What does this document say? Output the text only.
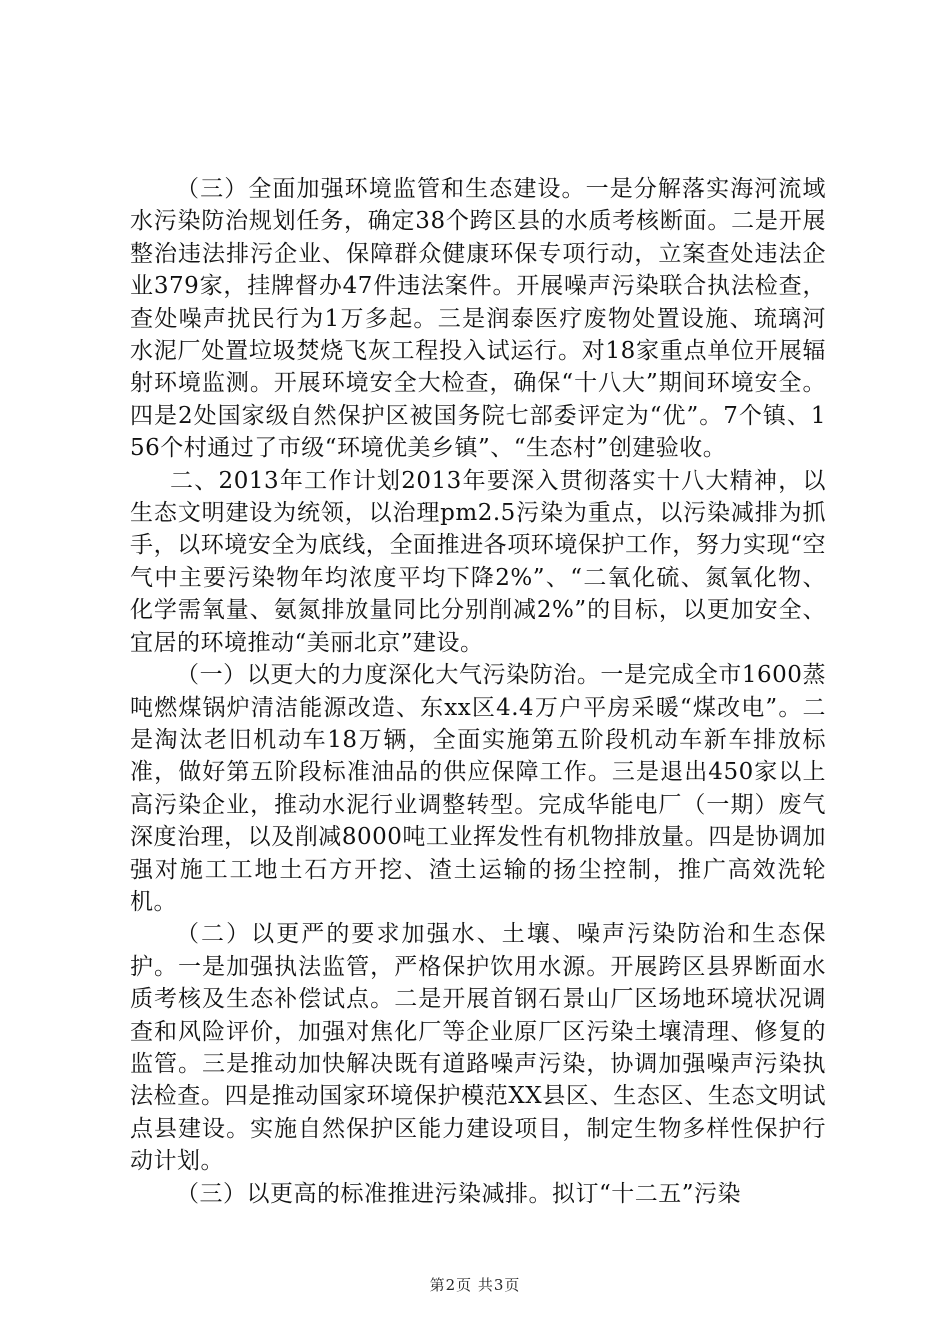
（三）全面加强环境监管和生态建设。一是分解落实海河流域水污染防治规划任务，确定38个跨区县的水质考核断面。二是开展整治违法排污企业、保障群众健康环保专项行动，立案查处违法企业379家，挂牌督办47件违法案件。开展噪声污染联合执法检查，查处噪声扰民行为1万多起。三是润泰医疗废物处置设施、琉璃河水泥厂处置垃圾焚烧飞灰工程投入试运行。对18家重点单位开展辐射环境监测。开展环境安全大检查，确保“十八大”期间环境安全。四是2处国家级自然保护区被国务院七部委评定为“优”。7个镇、156个村通过了市级“环境优美乡镇”、“生态村”创建验收。

二、2013年工作计划2013年要深入贯彻落实十八大精神，以生态文明建设为统领，以治理pm2.5污染为重点，以污染减排为抓手，以环境安全为底线，全面推进各项环境保护工作，努力实现“空气中主要污染物年均浓度平均下降2%”、“二氧化硫、氮氧化物、化学需氧量、氨氮排放量同比分别削减2%”的目标，以更加安全、宜居的环境推动“美丽北京”建设。

（一）以更大的力度深化大气污染防治。一是完成全市1600蒸吨燃煤锅炉清洁能源改造、东xx区4.4万户平房采暖“煤改电”。二是淘汰老旧机动车18万辆，全面实施第五阶段机动车新车排放标准，做好第五阶段标准油品的供应保障工作。三是退出450家以上高污染企业，推动水泥行业调整转型。完成华能电厂（一期）废气深度治理，以及削减8000吨工业挥发性有机物排放量。四是协调加强对施工工地土石方开挖、渣土运输的扬尘控制，推广高效洗轮机。

（二）以更严的要求加强水、土壤、噪声污染防治和生态保护。一是加强执法监管，严格保护饮用水源。开展跨区县界断面水质考核及生态补偿试点。二是开展首钢石景山厂区场地环境状况调查和风险评价，加强对焦化厂等企业原厂区污染土壤清理、修复的监管。三是推动加快解决既有道路噪声污染，协调加强噪声污染执法检查。四是推动国家环境保护模范XX县区、生态区、生态文明试点县建设。实施自然保护区能力建设项目，制定生物多样性保护行动计划。

（三）以更高的标准推进污染减排。拟订“十二五”污染

第2页 共3页
